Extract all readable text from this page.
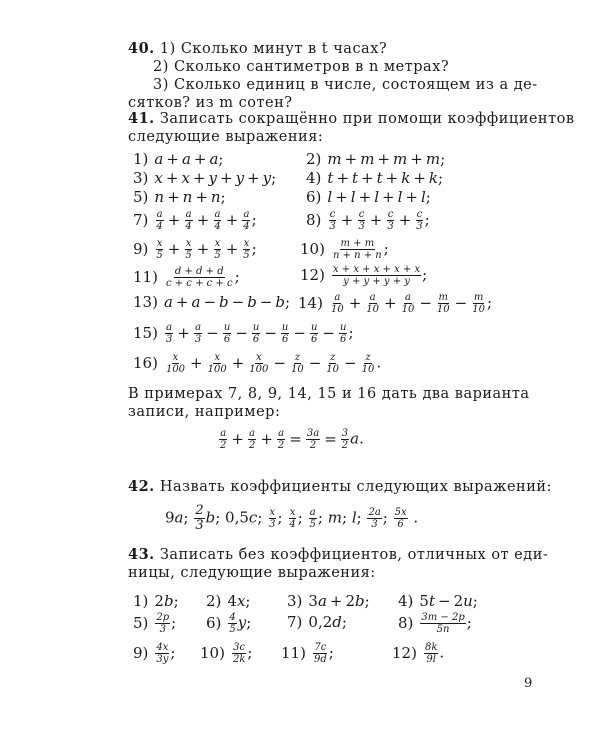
40. 1) Сколько минут в t часах?
2) Сколько сантиметров в n метрах?
3) Сколько единиц в числе, состоящем из a де-
сятков? из m сотен?
41. Записать сокращённо при помощи коэффициентов
следующие выражения:
1) a + a + a;
3) x + x + y + y + y;
5) n + n + n;
$7) \frac{a}{4} + \frac{a}{4} + \frac{a}{4} + \frac{a}{4}$ ;
$9) \frac{x}{5} + \frac{x}{5} + \frac{x}{5} + \frac{x}{5}$ ;
$11) \frac{d + d + d}{c + c + c + c}$ ;
13) a + a − b − b − b;
$15) \frac{a}{3} + \frac{a}{3} - \frac{u}{6} - \frac{u}{6} - \frac{u}{6} - \frac{u}{6} - \frac{u}{6}$ ;
$16) \frac{x}{100} + \frac{x}{100} + \frac{x}{100} - \frac{z}{10} - \frac{z}{10} - \frac{z}{10}$ .
2) m + m + m + m;
4) t + t + t + k + k;
6) l + l + l + l + l;
$8) \frac{c}{3} + \frac{c}{3} + \frac{c}{3} + \frac{c}{3}$ ;
$10) \frac{m + m}{n + n + n}$ ;
$12) \frac{x + x + x + x + x}{y + y + y + y}$ ;
$14) \frac{a}{10} + \frac{a}{10} + \frac{a}{10} - \frac{m}{10} - \frac{m}{10}$ ;
В примерах 7, 8, 9, 14, 15 и 16 дать два варианта
записи, например:
$\frac{a}{2} + \frac{a}{2} + \frac{a}{2} = \frac{3a}{2} = \frac{3}{2} a$.
42. Назвать коэффициенты следующих выражений:
9a; $\frac{2}{3} b$; 0,5c; $\frac{x}{3}$ ; $\frac{x}{4}$ ; $\frac{a}{5}$ ; m; l; $\frac{2a}{3}$ ; $\frac{5x}{6}$ .
43. Записать без коэффициентов, отличных от еди-
ницы, следующие выражения:
1) 2b; 2) 4x; 3) 3a + 2b; 4) 5t − 2u;
$5) \frac{2p}{3}$ ; $6) \frac{4}{5} y$; 7) 0,2d;	$8) \frac{3m - 2p}{5n}$ ;
$9) \frac{4x}{3y}$ ; $10) \frac{3c}{2k}$ ; $11) \frac{7c}{9d}$ ;	$12) \frac{8k}{9l}$ .
9
